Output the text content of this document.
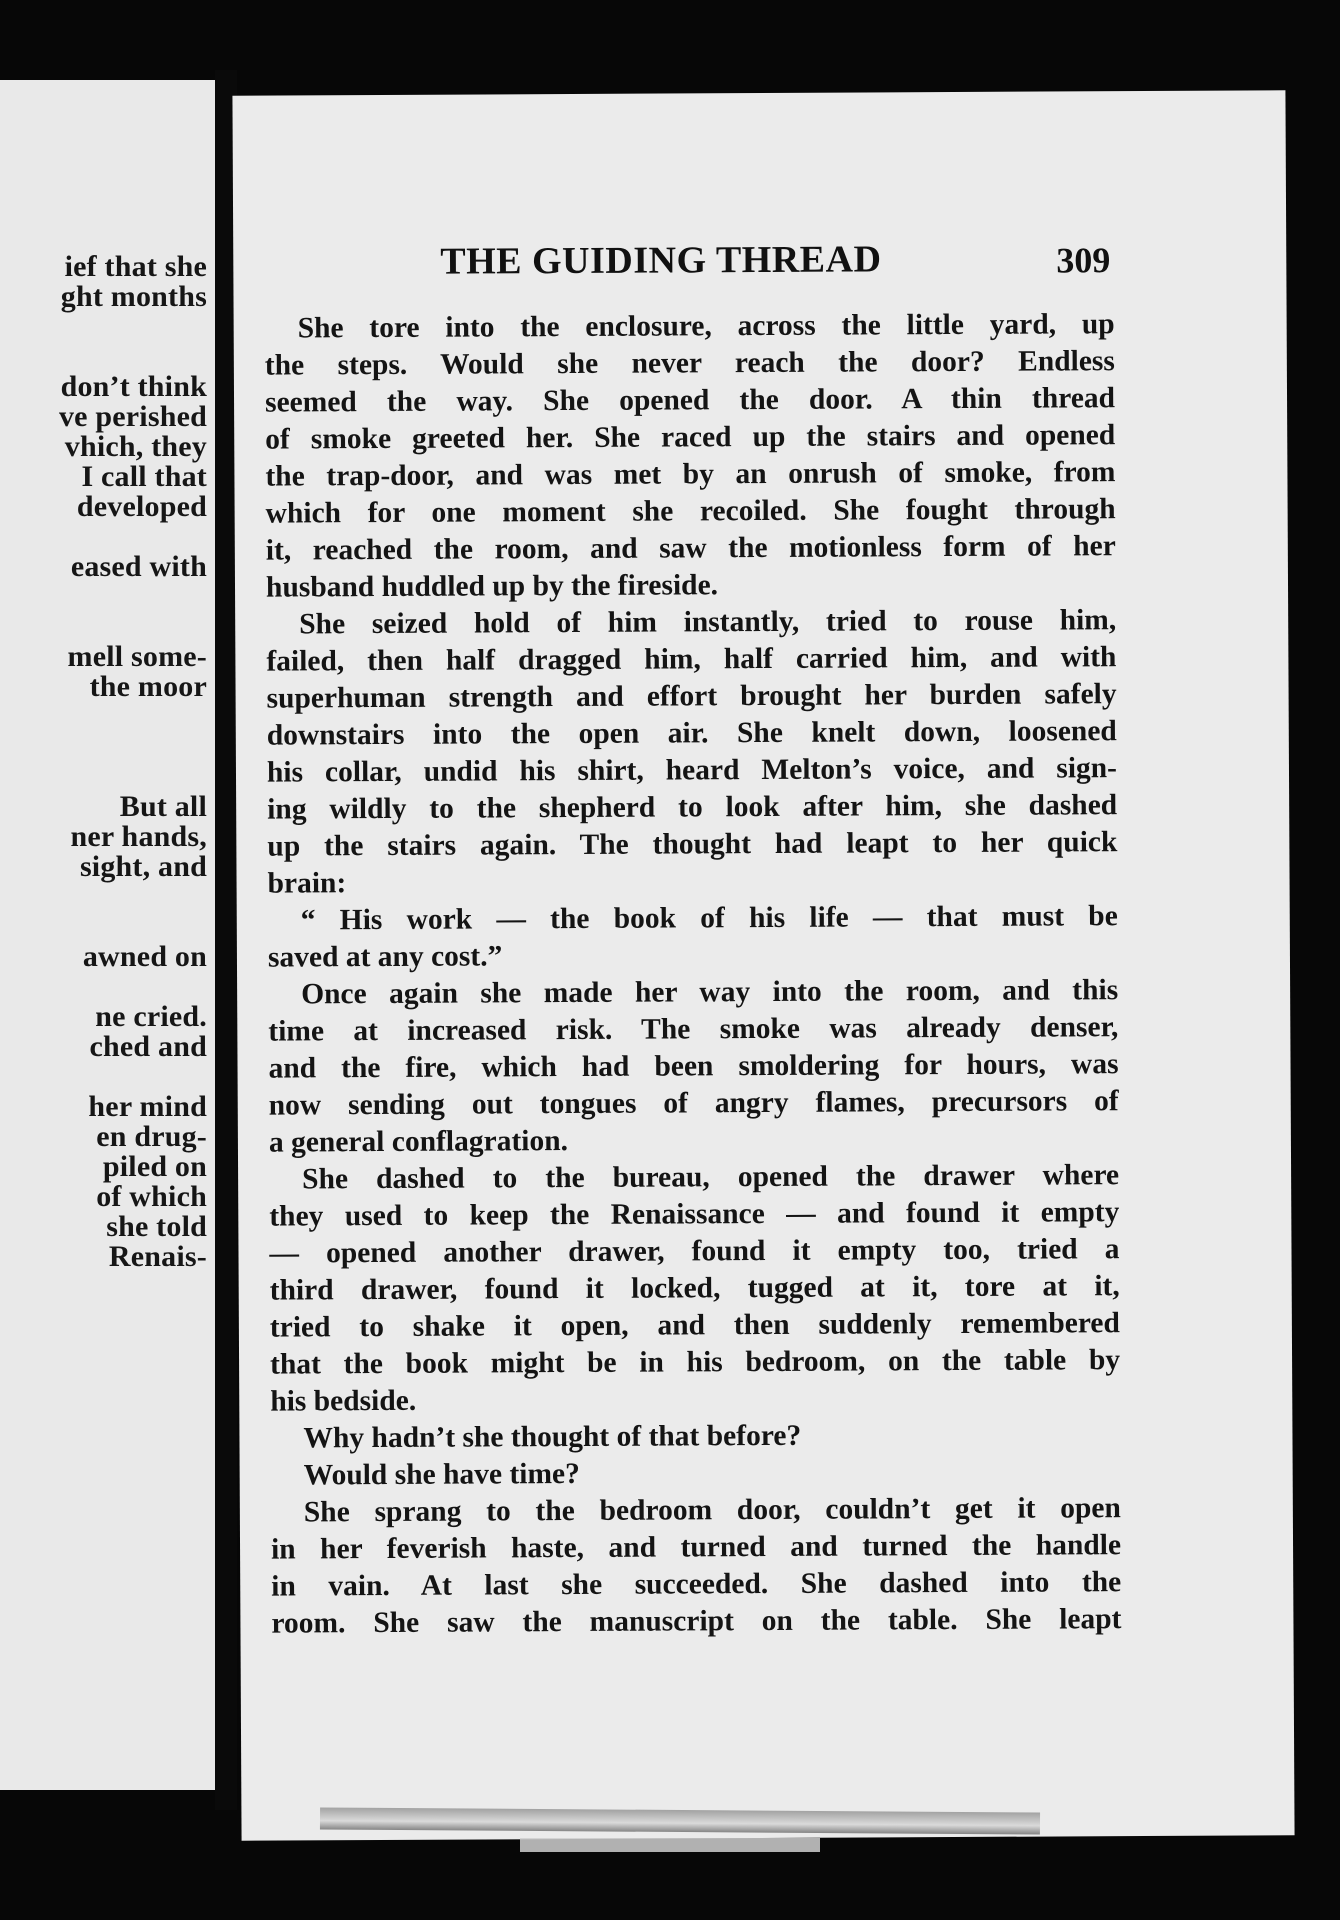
ief that she
ght months
don’t think
ve perished
vhich, they
I call that
developed
eased with
mell some-
the moor
But all
ner hands,
sight, and
awned on
ne cried.
ched and
her mind
en drug-
piled on
of which
she told
Renais-
THE GUIDING THREAD	309
She tore into the enclosure, across the little yard, up
the steps. Would she never reach the door? Endless
seemed the way. She opened the door. A thin thread
of smoke greeted her. She raced up the stairs and opened
the trap-door, and was met by an onrush of smoke, from
which for one moment she recoiled. She fought through
it, reached the room, and saw the motionless form of her
husband huddled up by the fireside.
She seized hold of him instantly, tried to rouse him,
failed, then half dragged him, half carried him, and with
superhuman strength and effort brought her burden safely
downstairs into the open air. She knelt down, loosened
his collar, undid his shirt, heard Melton’s voice, and sign-
ing wildly to the shepherd to look after him, she dashed
up the stairs again. The thought had leapt to her quick
brain:
“ His work — the book of his life — that must be
saved at any cost.”
Once again she made her way into the room, and this
time at increased risk. The smoke was already denser,
and the fire, which had been smoldering for hours, was
now sending out tongues of angry flames, precursors of
a general conflagration.
She dashed to the bureau, opened the drawer where
they used to keep the Renaissance — and found it empty
— opened another drawer, found it empty too, tried a
third drawer, found it locked, tugged at it, tore at it,
tried to shake it open, and then suddenly remembered
that the book might be in his bedroom, on the table by
his bedside.
Why hadn’t she thought of that before?
Would she have time?
She sprang to the bedroom door, couldn’t get it open
in her feverish haste, and turned and turned the handle
in vain. At last she succeeded. She dashed into the
room. She saw the manuscript on the table. She leapt
